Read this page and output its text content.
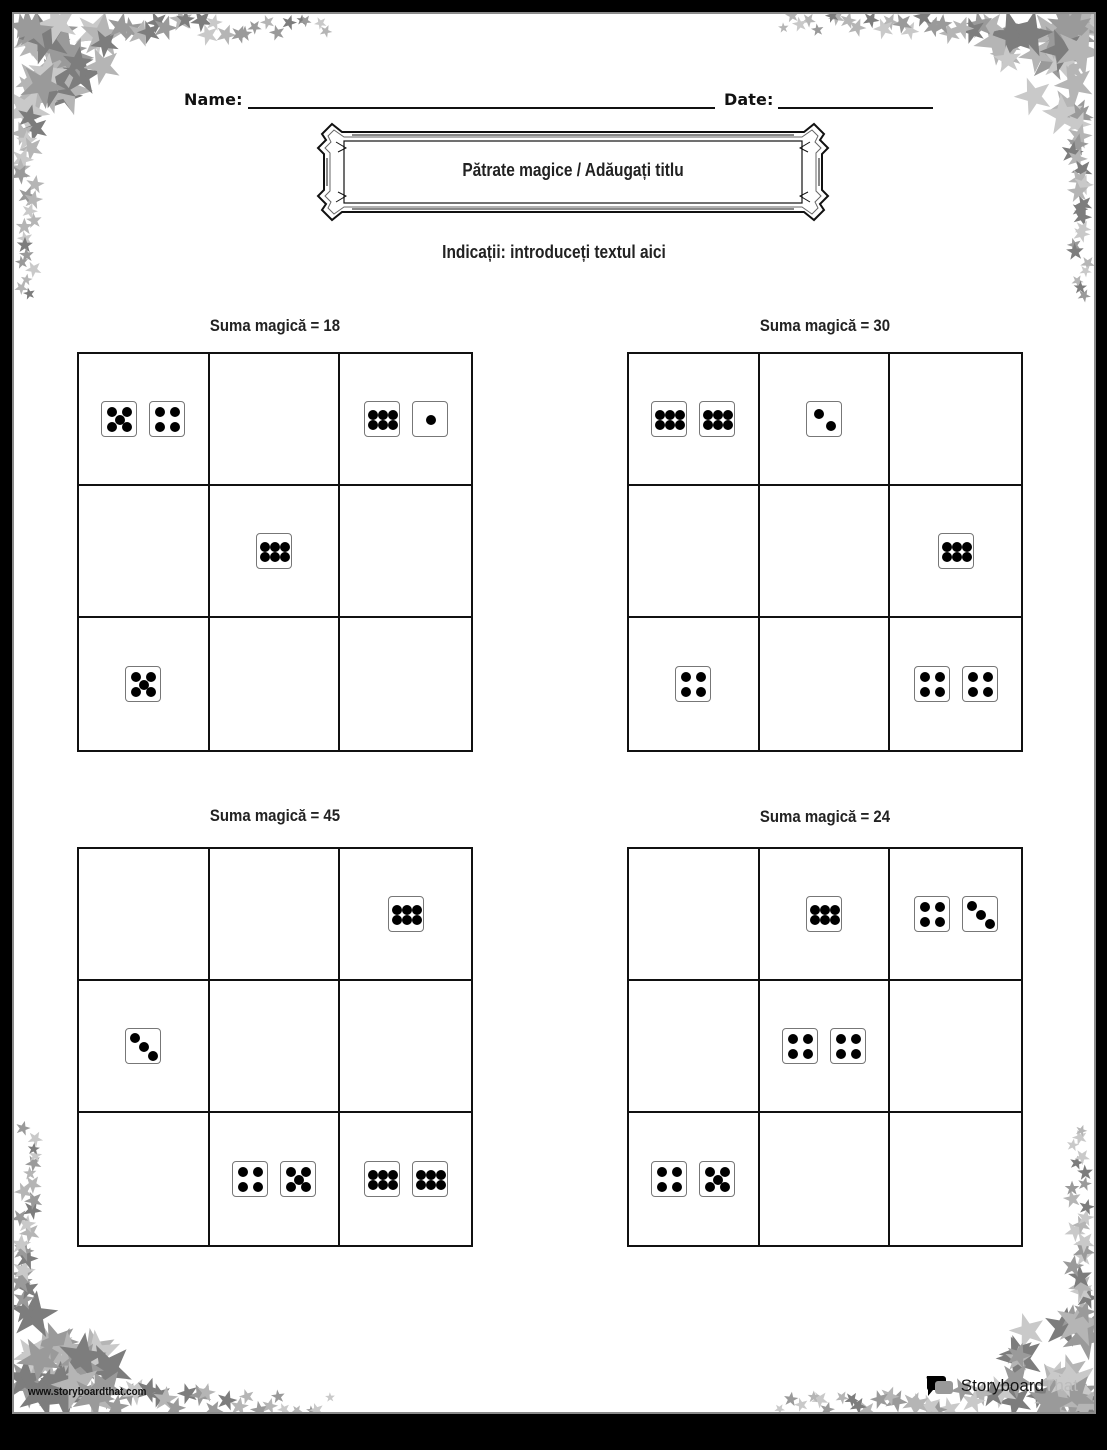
Name:	Date:
Pătrate magice / Adăugați titlu
Indicații: introduceți textul aici
Suma magică = 18	Suma magică = 30
Suma magică = 45	Suma magică = 24
www.storyboardthat.com	Storyboard That
